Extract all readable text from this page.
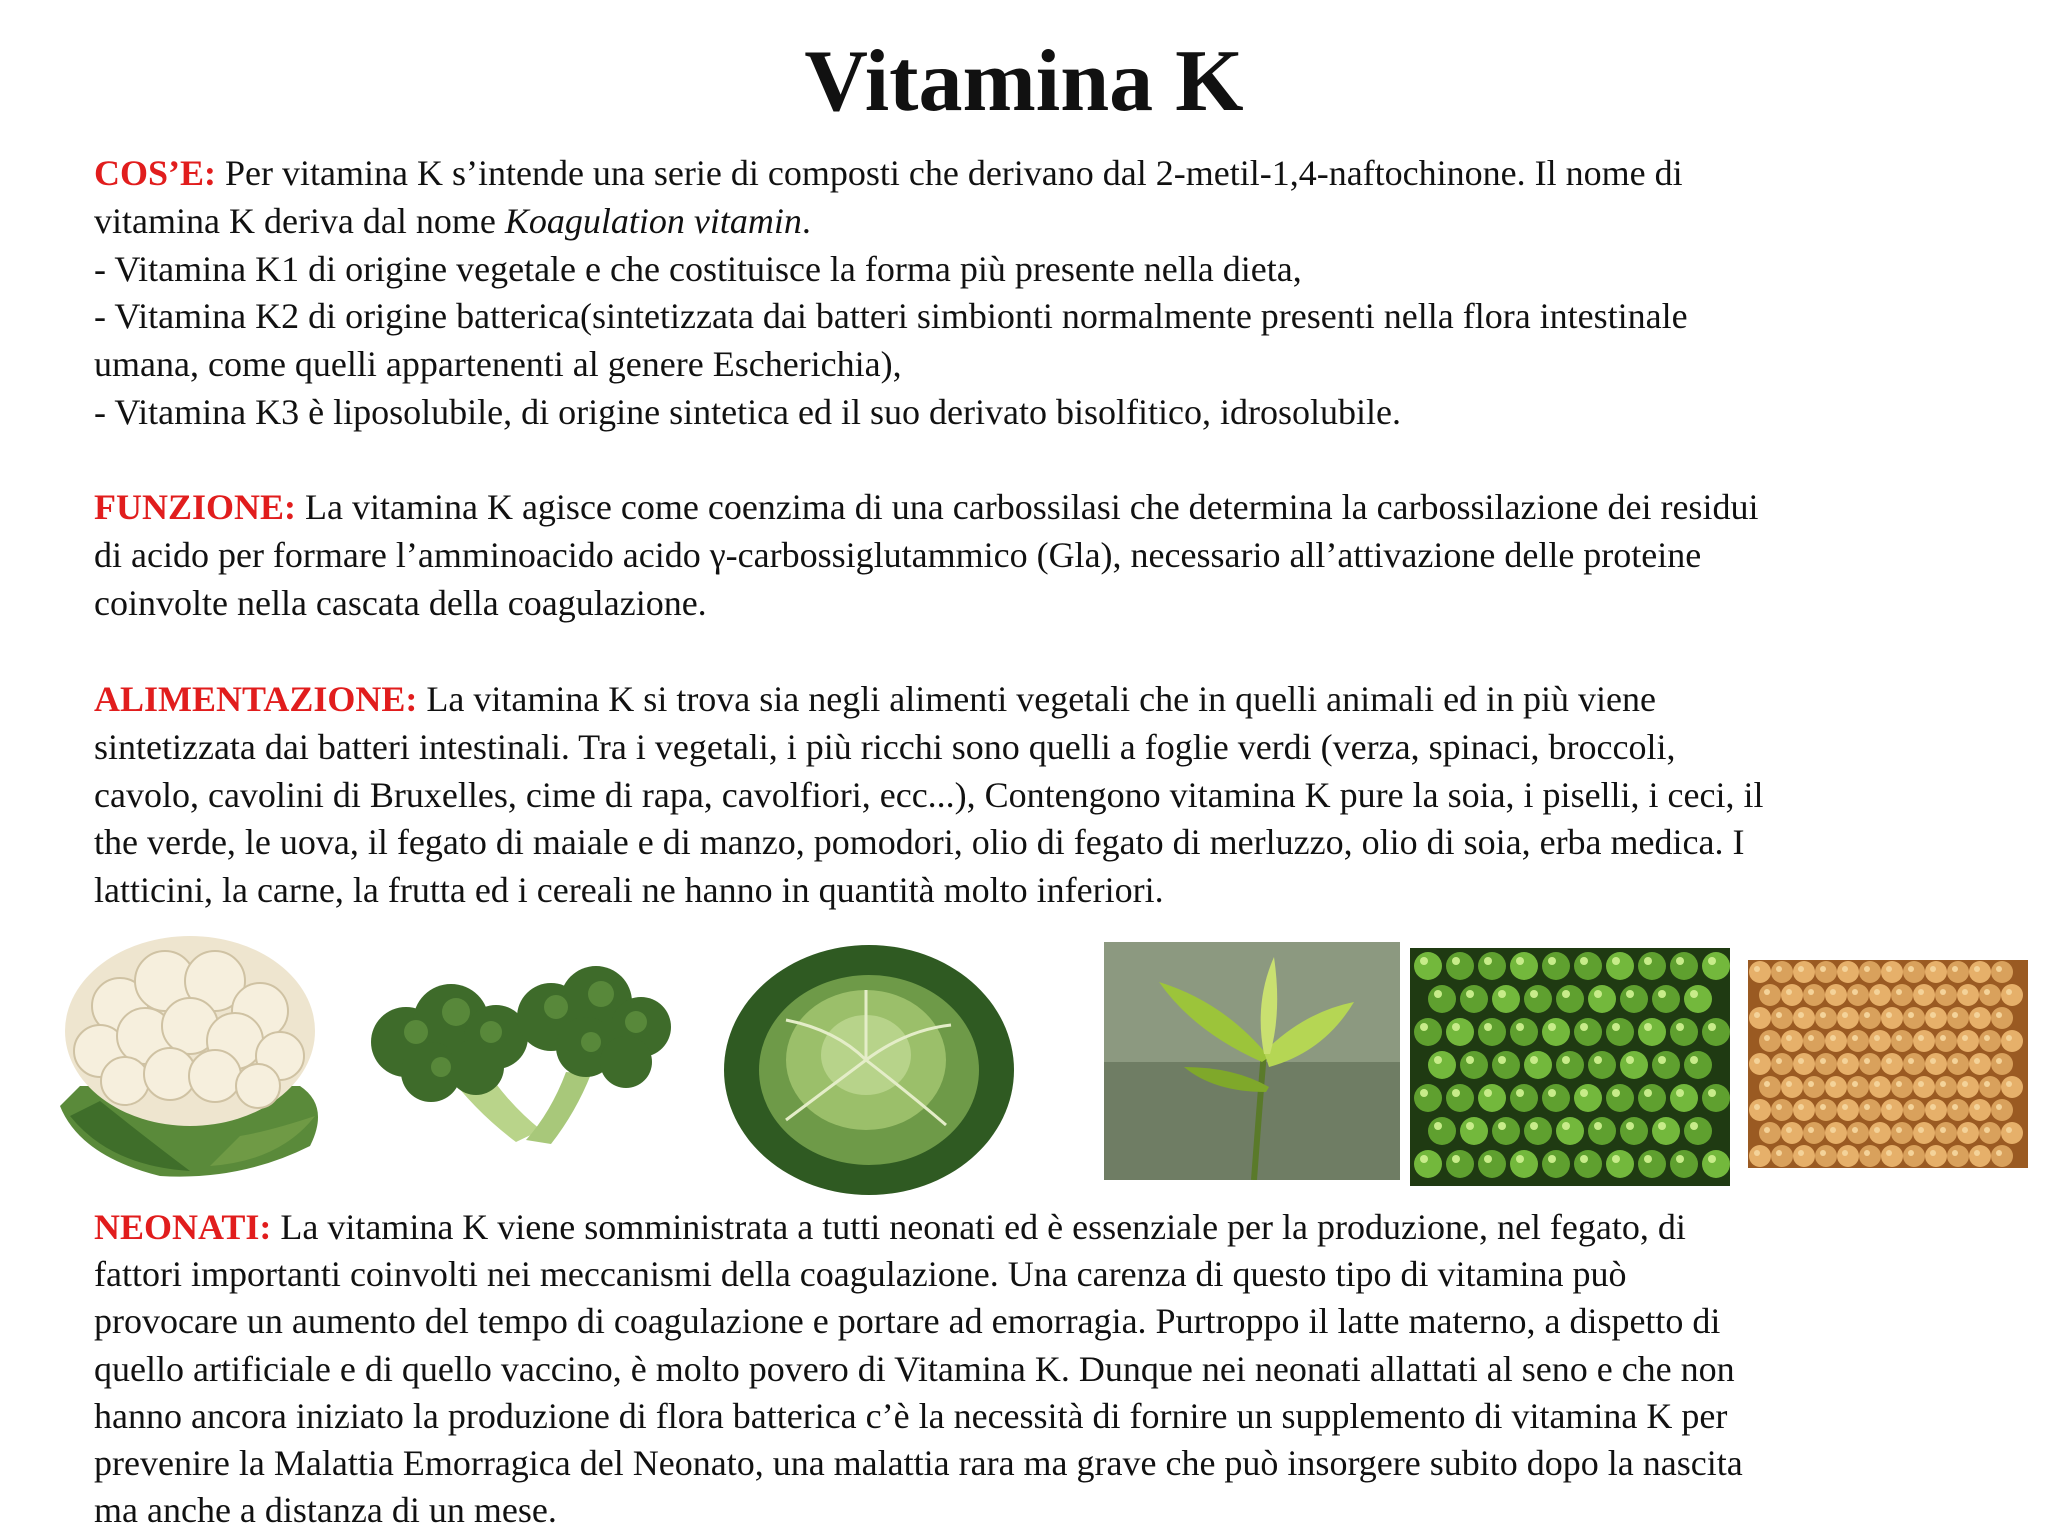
Vitamina K
COS’E: Per vitamina K s’intende una serie di composti che derivano dal 2-metil-1,4-naftochinone. Il nome di
vitamina K deriva dal nome Koagulation vitamin.
- Vitamina K1 di origine vegetale e che costituisce la forma più presente nella dieta,
- Vitamina K2 di origine batterica(sintetizzata dai batteri simbionti normalmente presenti nella flora intestinale
umana, come quelli appartenenti al genere Escherichia),
- Vitamina K3 è liposolubile, di origine sintetica ed il suo derivato bisolfitico, idrosolubile.
FUNZIONE: La vitamina K agisce come coenzima di una carbossilasi che determina la carbossilazione dei residui
di acido per formare l’amminoacido acido γ-carbossiglutammico (Gla), necessario all’attivazione delle proteine
coinvolte nella cascata della coagulazione.
ALIMENTAZIONE: La vitamina K si trova sia negli alimenti vegetali che in quelli animali ed in più viene
sintetizzata dai batteri intestinali. Tra i vegetali, i più ricchi sono quelli a foglie verdi (verza, spinaci, broccoli,
cavolo, cavolini di Bruxelles, cime di rapa, cavolfiori, ecc...), Contengono vitamina K pure la soia, i piselli, i ceci, il
the verde, le uova, il fegato di maiale e di manzo, pomodori, olio di fegato di merluzzo, olio di soia, erba medica. I
latticini, la carne, la frutta ed i cereali ne hanno in quantità molto inferiori.
NEONATI: La vitamina K viene somministrata a tutti neonati ed è essenziale per la produzione, nel fegato, di
fattori importanti coinvolti nei meccanismi della coagulazione. Una carenza di questo tipo di vitamina può
provocare un aumento del tempo di coagulazione e portare ad emorragia. Purtroppo il latte materno, a dispetto di
quello artificiale e di quello vaccino, è molto povero di Vitamina K. Dunque nei neonati allattati al seno e che non
hanno ancora iniziato la produzione di flora batterica c’è la necessità di fornire un supplemento di vitamina K per
prevenire la Malattia Emorragica del Neonato, una malattia rara ma grave che può insorgere subito dopo la nascita
ma anche a distanza di un mese.
